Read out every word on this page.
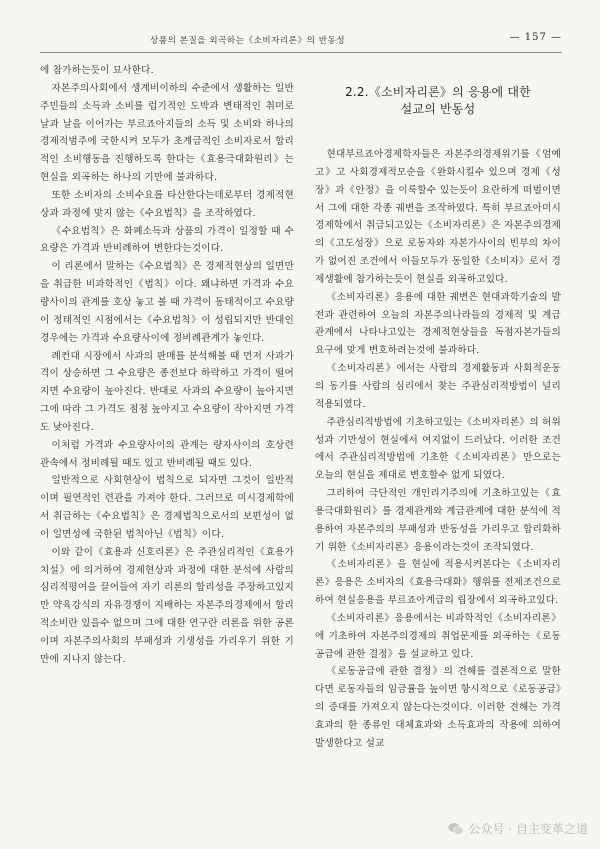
상품의 본질을 외곡하는《소비자리론》의 반동성	— 157 —

에 참가하는듯이 묘사한다.

자본주의사회에서 생계비이하의 수준에서 생활하는 일반주민들의 소득과 소비를 럽기적인 도박과 변태적인 취미로 날과 날을 이어가는 부르죠아지들의 소득 및 소비와 하나의 경제적범주에 국한시켜 모두가 초계급적인 소비자로서 합리적인 소비행동을 진행하도록 한다는《효용극대화원리》는 현실을 외곡하는 하나의 기만에 불과하다.

또한 소비자의 소비수요를 타산한다는데로부터 경제적현상과 과정에 맞지 않는《수요법칙》을 조작하였다.

《수요법칙》은 화폐소득과 상품의 가격이 일정할 때 수요량은 가격과 반비례하여 변한다는것이다.

이 리론에서 말하는《수요법칙》은 경제적현상의 일면만을 취급한 비과학적인《법칙》이다. 왜냐하면 가격과 수요량사이의 관계를 호상 놓고 볼 때 가격이 동태적이고 수요량이 정태적인 시점에서는《수요법칙》이 성립되지만 반대인 경우에는 가격과 수요량사이에 정비례관계가 놓인다.

례컨대 시장에서 사과의 판매를 분석해볼 때 먼저 사과가격이 상승하면 그 수요량은 종전보다 하락하고 가격이 떨어지면 수요량이 높아진다. 반대로 사과의 수요량이 높아지면 그에 따라 그 가격도 점점 높아지고 수요량이 작아지면 가격도 낮아진다.

이처럼 가격과 수요량사이의 관계는 량자사이의 호상련관속에서 정비례될 때도 있고 반비례될 때도 있다.

일반적으로 사회현상이 법칙으로 되자면 그것이 일반적이며 필연적인 련관을 가져야 한다. 그러므로 미시경제학에서 취급하는《수요법칙》은 경제법칙으로서의 보편성이 없이 일면성에 국한된 법칙아닌《법칙》이다.

이와 같이《효용과 신호리론》은 주관심리적인《효용가치설》에 의거하여 경제현상과 과정에 대한 분석에 사람의 심리적평여을 끌어들여 자기 리론의 합리성을 주장하고있지만 약육강식의 자유경쟁이 지배하는 자본주의경제에서 합리적소비란 있을수 없으며 그에 대한 연구란 리론을 위한 공론이며 자본주의사회의 부패성과 기생성을 가리우기 위한 기만에 지나지 않는다.

2.2.《소비자리론》의 응용에 대한
설교의 반동성

현대부르죠아경제학자들은 자본주의경제위기를《엄예고》고 사회경제적모순을《완화시킬수 있으며 경제《성장》과《안정》을 이룩할수 있는듯이 요란하게 떠벌이면서 그에 대한 각종 궤변을 조작하였다. 특히 부르죠아미시경제학에서 취급되고있는《소비자리론》은 자본주의경제의《고도성장》으로 로동자와 자본가사이의 빈부의 차이가 없어진 조건에서 이들모두가 동일한《소비자》로서 경제생활에 참가하는듯이 현실을 외곡하고있다.

《소비자리론》응용에 대한 궤변은 현대과학기술의 발전과 관련하여 오늘의 자본주의나라들의 경제적 및 계급관계에서 나타나고있는 경제적현상들을 독점자본가들의 요구에 맞게 변호하려는것에 불과하다.

《소비자리론》에서는 사람의 경제활동과 사회적운동의 동기를 사람의 심리에서 찾는 주관심리적방법이 널리 적용되였다.

주관심리적방법에 기초하고있는《소비자리론》의 허위성과 기만성이 현실에서 여지없이 드러났다. 이러한 조건에서 주관심리적방법에 기초한《소비자리론》만으로는 오늘의 현실을 제대로 변호할수 없게 되였다.

그리하여 극단적인 개인리기주의에 기초하고있는《효용극대화원리》를 경제관계와 계급관계에 대한 분석에 적용하여 자본주의의 부패성과 반동성을 가리우고 합리화하기 위한《소비자리론》응용이라는것이 조작되였다.

《소비자리론》을 현실에 적용시켜본다는《소비자리론》응용은 소비자의《효용극대화》행위를 전제조건으로 하여 현실응용을 부르죠아계급의 립장에서 외곡하고있다.

《소비자리론》응용에서는 비과학적인《소비자리론》에 기초하여 자본주의경제의 취업문제를 외곡하는《로동공급에 관한 결정》을 설교하고 있다.

《로동공급에 관한 결정》의 견해를 결론적으로 말한다면 로동자들의 임금률을 높이면 항시적으로《로동공급》의 증대를 가져오지 않는다는것이다. 이러한 견해는 가격효과의 한 종류인 대체효과와 소득효과의 작용에 의하여 발생한다고 설교

公众号 · 自主变革之道
